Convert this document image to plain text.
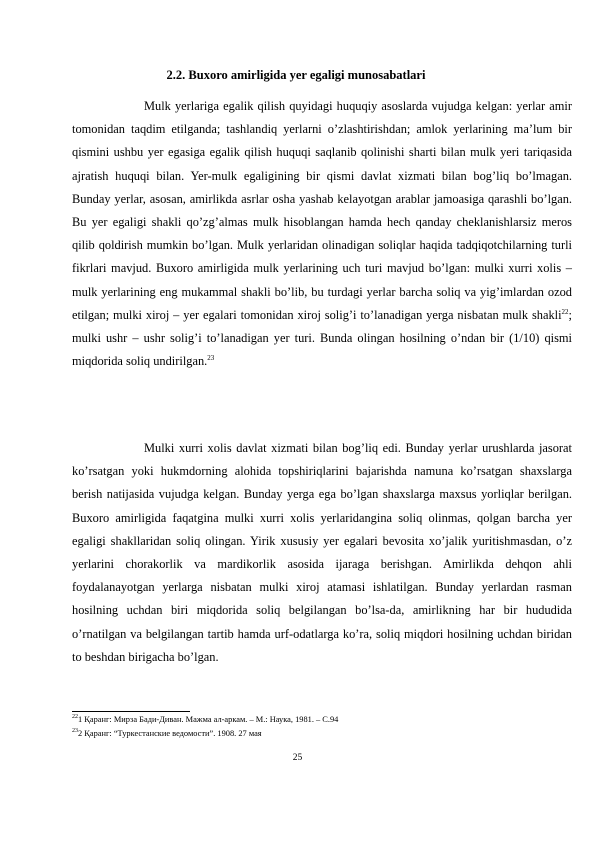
2.2. Buxoro amirligida yer egaligi munosabatlari

Mulk yerlariga egalik qilish quyidagi huquqiy asoslarda vujudga kelgan: yerlar amir tomonidan taqdim etilganda; tashlandiq yerlarni o’zlashtirishdan; amlok yerlarining ma’lum bir qismini ushbu yer egasiga egalik qilish huquqi saqlanib qolinishi sharti bilan mulk yeri tariqasida ajratish huquqi bilan. Yer-mulk egaligining bir qismi davlat xizmati bilan bog’liq bo’lmagan. Bunday yerlar, asosan, amirlikda asrlar osha yashab kelayotgan arablar jamoasiga qarashli bo’lgan. Bu yer egaligi shakli qo’zg’almas mulk hisoblangan hamda hech qanday cheklanishlarsiz meros qilib qoldirish mumkin bo’lgan. Mulk yerlaridan olinadigan soliqlar haqida tadqiqotchilarning turli fikrlari mavjud. Buxoro amirligida mulk yerlarining uch turi mavjud bo’lgan: mulki xurri xolis – mulk yerlarining eng mukammal shakli bo’lib, bu turdagi yerlar barcha soliq va yig’imlardan ozod etilgan; mulki xiroj – yer egalari tomonidan xiroj solig’i to’lanadigan yerga nisbatan mulk shakli$^{22}$; mulki ushr – ushr solig’i to’lanadigan yer turi. Bunda olingan hosilning o’ndan bir (1/10) qismi miqdorida soliq undirilgan.$^{23}$

Mulki xurri xolis davlat xizmati bilan bog’liq edi. Bunday yerlar urushlarda jasorat ko’rsatgan yoki hukmdorning alohida topshiriqlarini bajarishda namuna ko’rsatgan shaxslarga berish natijasida vujudga kelgan. Bunday yerga ega bo’lgan shaxslarga maxsus yorliqlar berilgan. Buxoro amirligida faqatgina mulki xurri xolis yerlaridangina soliq olinmas, qolgan barcha yer egaligi shakllaridan soliq olingan. Yirik xususiy yer egalari bevosita xo’jalik yuritishmasdan, o’z yerlarini chorakorlik va mardikorlik asosida ijaraga berishgan. Amirlikda dehqon ahli foydalanayotgan yerlarga nisbatan mulki xiroj atamasi ishlatilgan. Bunday yerlardan rasman hosilning uchdan biri miqdorida soliq belgilangan bo’lsa-da, amirlikning har bir hududida o’rnatilgan va belgilangan tartib hamda urf-odatlarga ko’ra, soliq miqdori hosilning uchdan biridan to beshdan birigacha bo’lgan.

$^{22}$1 Қаранг: Мирза Бади-Диван. Мажма ал-аркам. – М.: Наука, 1981. – С.94
$^{23}$2 Қаранг: “Туркестанские ведомости”. 1908. 27 мая
25
